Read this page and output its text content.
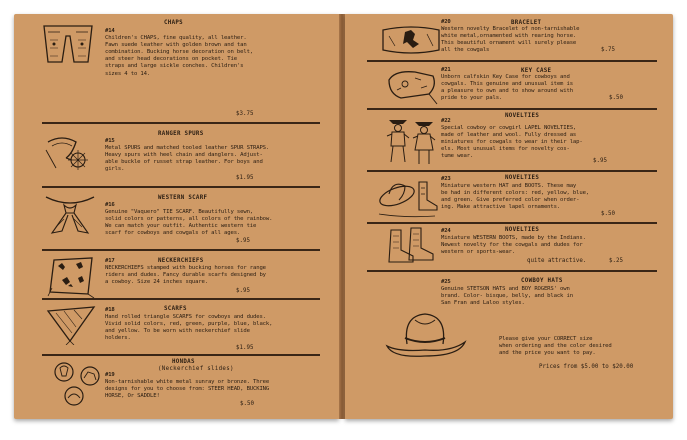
CHAPS
#14
Children's CHAPS, fine quality, all leather.
Fawn suede leather with golden brown and tan
combination. Bucking horse decoration on belt,
and steer head decorations on pocket. Tie
straps and large sickle conches. Children's
sizes 4 to 14.
$3.75
RANGER SPURS
#15
Metal SPURS and matched tooled leather SPUR STRAPS.
Heavy spurs with heel chain and danglers. Adjust-
able buckle of russet strap leather. For boys and
girls.
$1.95
WESTERN SCARF
#16
Genuine "Vaquero" TIE SCARF. Beautifully sewn,
solid colors or patterns, all colors of the rainbow.
We can match your outfit. Authentic western tie
scarf for cowboys and cowgals of all ages.
$.95
NECKERCHIEFS
#17
NECKERCHIEFS stamped with bucking horses for range
riders and dudes. Fancy durable scarfs designed by
a cowboy. Size 24 inches square.
$.95
SCARFS
#18
Hand rolled triangle SCARFS for cowboys and dudes.
Vivid solid colors, red, green, purple, blue, black,
and yellow. To be worn with neckerchief slide
holders.
$1.95
HONDAS
(Neckerchief slides)
#19
Non-tarnishable white metal sunray or bronze. Three
designs for you to choose from: STEER HEAD, BUCKING
HORSE, Or SADDLE!
$.50
BRACELET
#20
Western novelty Bracelet of non-tarnishable
white metal,ornamented with rearing horse.
This beautiful ornament will surely please
all the cowgals	$.75
KEY CASE
#21
Unborn calfskin Key Case for cowboys and
cowgals. This genuine and unusual item is
a pleasure to own and to show around with
pride to your pals.	$.50
NOVELTIES
#22
Special cowboy or cowgirl LAPEL NOVELTIES,
made of leather and wool. Fully dressed as
miniatures for cowgals to wear in their lap-
els. Most unusual items for novelty cos-
tume wear.
$.95
NOVELTIES
#23
Miniature western HAT and BOOTS. These may
be had in different colors: red, yellow, blue,
and green. Give preferred color when order-
ing. Make attractive lapel ornaments.
$.50
NOVELTIES
#24
Miniature WESTERN BOOTS, made by the Indians.
Newest novelty for the cowgals and dudes for
western or sports-wear.
quite attractive.	$.25
COWBOY HATS
#25
Genuine STETSON HATS and BOY ROGERS' own
brand. Color- bisque, belly, and black in
San Fran and Laloo styles.
Please give your CORRECT size
when ordering and the color desired
and the price you want to pay.
Prices from $5.00 to $20.00
